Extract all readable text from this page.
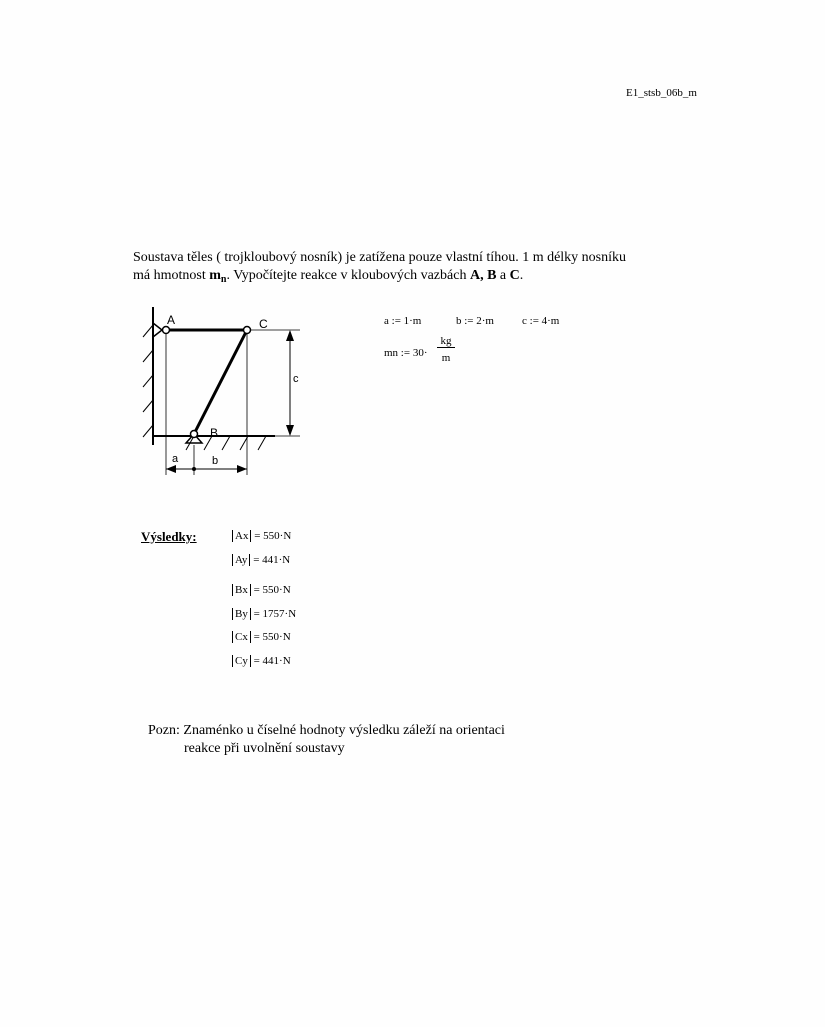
E1_stsb_06b_m
Soustava těles ( trojkloubový nosník) je zatížena pouze vlastní tíhou. 1 m délky nosníku
má hmotnost $m_n$. Vypočítejte reakce v kloubových vazbách A, B a C.
c
a	b
A	C
B
a := 1·m	b := 2·m	c := 4·m
mn := 30·
kg
m
Výsledky:	Ax = 550·N
Ay = 441·N
Bx = 550·N
By = 1757·N
Cx = 550·N
Cy = 441·N
Pozn: Znaménko u číselné hodnoty výsledku záleží na orientaci
reakce při uvolnění soustavy
